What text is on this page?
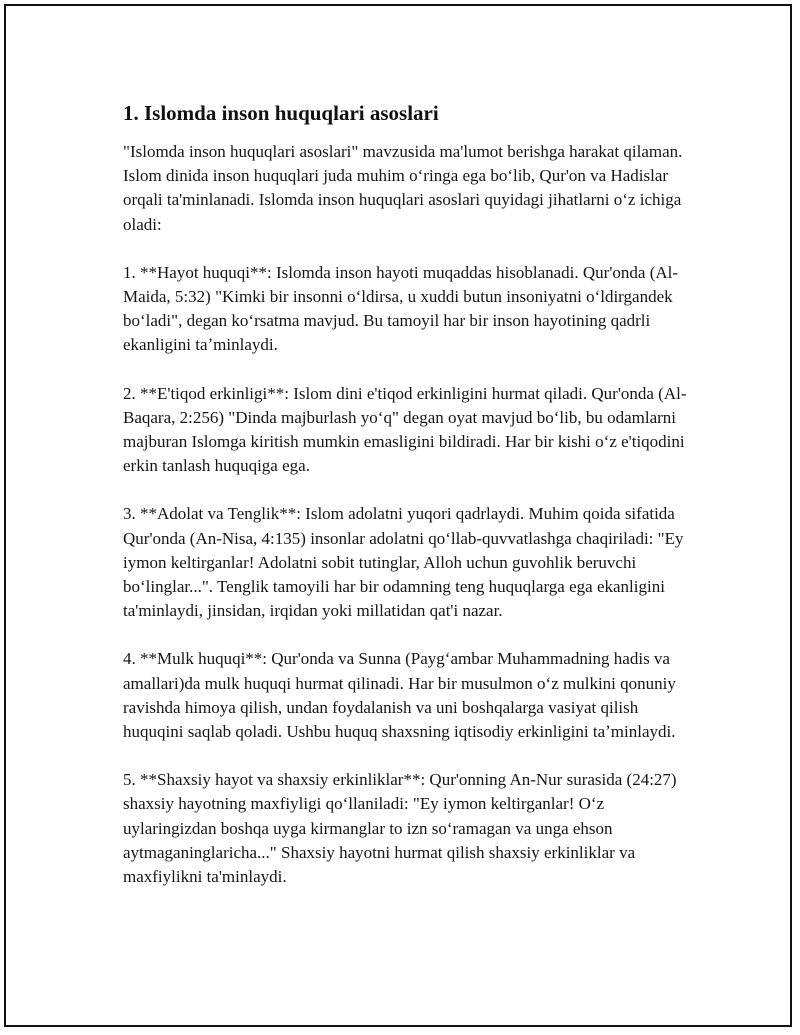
1. Islomda inson huquqlari asoslari

"Islomda inson huquqlari asoslari" mavzusida ma'lumot berishga harakat qilaman. Islom dinida inson huquqlari juda muhim oʻringa ega boʻlib, Qur'on va Hadislar orqali ta'minlanadi. Islomda inson huquqlari asoslari quyidagi jihatlarni oʻz ichiga oladi:

1. **Hayot huquqi**: Islomda inson hayoti muqaddas hisoblanadi. Qur'onda (Al-Maida, 5:32) "Kimki bir insonni oʻldirsa, u xuddi butun insoniyatni oʻldirgandek boʻladi", degan koʻrsatma mavjud. Bu tamoyil har bir inson hayotining qadrli ekanligini taʼminlaydi.

2. **E'tiqod erkinligi**: Islom dini e'tiqod erkinligini hurmat qiladi. Qur'onda (Al-Baqara, 2:256) "Dinda majburlash yoʻq" degan oyat mavjud boʻlib, bu odamlarni majburan Islomga kiritish mumkin emasligini bildiradi. Har bir kishi oʻz e'tiqodini erkin tanlash huquqiga ega.

3. **Adolat va Tenglik**: Islom adolatni yuqori qadrlaydi. Muhim qoida sifatida Qur'onda (An-Nisa, 4:135) insonlar adolatni qoʻllab-quvvatlashga chaqiriladi: "Ey iymon keltirganlar! Adolatni sobit tutinglar, Alloh uchun guvohlik beruvchi boʻlinglar...". Tenglik tamoyili har bir odamning teng huquqlarga ega ekanligini ta'minlaydi, jinsidan, irqidan yoki millatidan qat'i nazar.

4. **Mulk huquqi**: Qur'onda va Sunna (Paygʻambar Muhammadning hadis va amallari)da mulk huquqi hurmat qilinadi. Har bir musulmon oʻz mulkini qonuniy ravishda himoya qilish, undan foydalanish va uni boshqalarga vasiyat qilish huquqini saqlab qoladi. Ushbu huquq shaxsning iqtisodiy erkinligini taʼminlaydi.

5. **Shaxsiy hayot va shaxsiy erkinliklar**: Qur'onning An-Nur surasida (24:27) shaxsiy hayotning maxfiyligi qoʻllaniladi: "Ey iymon keltirganlar! Oʻz uylaringizdan boshqa uyga kirmanglar to izn soʻramagan va unga ehson aytmaganinglaricha..." Shaxsiy hayotni hurmat qilish shaxsiy erkinliklar va maxfiylikni ta'minlaydi.
